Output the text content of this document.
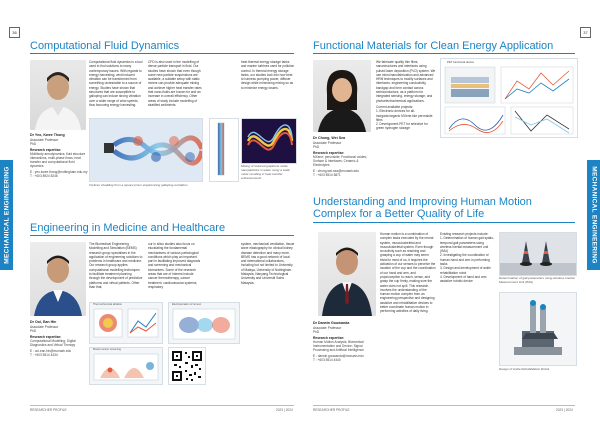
36
Computational Fluid Dynamics
Dr Yeo, Kwee Thong
Associate Professor
PhD
Research expertise:
Multibody aerodynamics; fluid structure interactions, multi-phase flows; heat transfer and computational fluid dynamics
E : yeo.kwee.thong@nottingham.edu.my
T : +603 8924 8246

Computational fluid dynamics is a tool used to find solutions to many contemporary issues. With regards to energy harvesting, wind induced vibration can be transformed from something undesirable to a source of energy. Studies have shown that structures that are susceptible to galloping can induce strong vibration over a wider range of wind speeds, thus favouring energy harvesting.

CFD is also used in the modelling of dense particle transport in fluid. Our studies have shown that even though some new particle suspensions are available, a suitable setup with static mixers can provide adequate mixing and achieve higher heat transfer rates that nano-fluids are known for and an increase in overall efficiency. Other areas of study include modelling of stratified sediments.

heat thermal energy storage tanks and marine turbines used for pollution control. In thermal energy storage tanks, our studies look into how best to harness pumping power, diffuser design while minimizing mixing so as to minimize energy losses.

Vortices shedding from a square prism experiencing galloping excitation
Mixing of reduced graphene oxide nanoparticles in water using a static mixer resulting in heat transfer enhancements
Engineering in Medicine and Healthcare
Dr Ooi, Ean Hin
Associate Professor
PhD
Research expertise:
Computational Modelling; Digital Diagnostics and Virtual Therapy
E : ooi.ean.hin@monash.edu
T : +603 5514 4434

The Biomedical Engineering Modelling and Simulation (BEMS) research group specialises in the application of engineering solutions to problems in healthcare and medicine. Our research group applies computational modelling techniques to facilitate treatment planning through the development of predictive platforms and virtual patients. Other than that,

our in silico studies also focus on elucidating the fundamental mechanisms of various pathological conditions which play an important part in facilitating improved diagnosis and screening and mechanical biomarkers. Some of the research areas that are of interest include cancer thermotherapy, cancer treatment, cardiovascular systems, respiratory

system, mechanical ventilation, tissue wave elastography for clinical kidney disease detection and many more. BEMS has a good network of local and international collaborators, including but not limited to University of Malaya, University of Nottingham Malaysia, Nanyang Technological University and Universiti Sains Malaysia.

Thermochemical ablation	Electroporation of tumour
Breast cancer screening
MECHANICAL ENGINEERING
RESEARCHER PROFILE	2023 | 2024
37
Functional Materials for Clean Energy Application
Dr Chong, Wei Sea
Associate Professor
PhD
Research expertise:
MXene; perovskite; Functional oxides; Surface & Interfaces; Ceramic & Electrolytes
E : chong.wei.sea@monash.edu
T : +603 5514 5871

We fabricate quality thin films, nanostructures and interfaces using pulsed laser deposition (PLD) system. We use micro/nanofabrication and advanced HRM techniques to modify surfaces and interfaces, engineering conductivity, bandgap and form contact across semiconductors, as a platform for integrated sensing, energy storage, and photoelectrochemical applications.

Current available projects:

1. Electronic devices for all-inorganic/organic MXene-like perovskite films

2. Development PET for selective for green hydrogen storage

PET functional device
Understanding and Improving Human Motion Complex for a Better Quality of Life
Dr Darwin Gouwanda
Associate Professor
PhD
Research expertise:
Human Motion Analysis; Biomedical Instrumentation and Device; Signal Processing and Artificial Intelligence
E : darwin.gouwanda@monash.edu
T : +603 5514 4440

Human motion is a combination of complex tasks executed by the neural system, musculoskeletal and musculoskeletal system. Even though an activity such as reaching and grasping a cup of water may seem trivial to most of us, it requires the activation of our senses to perceive the location of the cup and the coordination of our hand and arm, and proprioception to reach, sense, and grasp the cup firmly, making sure the water does not spill. This research involves the understanding of the human motion complex from an engineering perspective and designing assistive and rehabilitative devices to better coordinate human motion in performing activities of daily living.

Existing research projects include:

1. Determination of human gait spatio-temporal gait parameters using wireless inertial measurement unit (IMU)

2. Investigating the coordination of human hand and arm in performing tasks

3. Design and development of ankle rehabilitation robot

4. Development of hand and arm assistive robotic device

Determination of gait parameters using wireless Inertial Measurement Unit (IMU)
Design of Ankle Rehabilitation Robot
MECHANICAL ENGINEERING
RESEARCHER PROFILE	2023 | 2024
